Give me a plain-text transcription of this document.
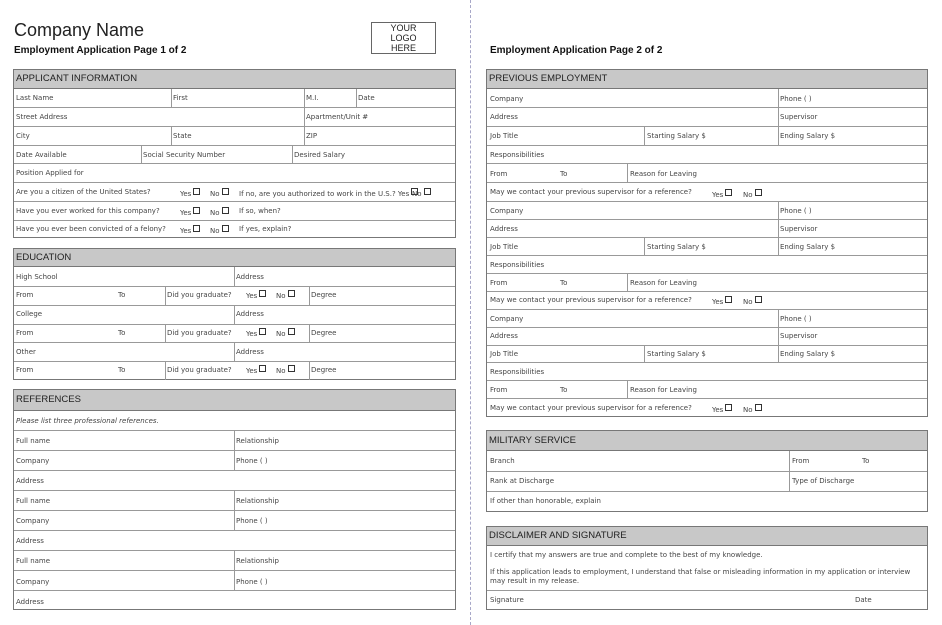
Company Name
Employment Application Page 1 of 2
YOUR LOGO HERE	Employment Application Page 2 of 2
APPLICANT INFORMATION
Last Name	First	M.I.	Date
Street Address	Apartment/Unit #
City	State	ZIP
Date Available	Social Security Number	Desired Salary
Position Applied for
Are you a citizen of the United States?	Yes	No	If no, are you authorized to work in the U.S.? Yes No
Have you ever worked for this company?	Yes	No	If so, when?
Have you ever been convicted of a felony? Yes	No	If yes, explain?
EDUCATION
High School	Address
From	To	Did you graduate? Yes	No	Degree
College	Address
From	To	Did you graduate? Yes	No	Degree
Other	Address
From	To	Did you graduate? Yes	No	Degree
REFERENCES
Please list three professional references.
Full name	Relationship
Company	Phone ( )
Address
Full name	Relationship
Company	Phone ( )
Address
Full name	Relationship
Company	Phone ( )
Address
PREVIOUS EMPLOYMENT
Company	Phone ( )
Address	Supervisor
Job Title	Starting Salary $	Ending Salary $
Responsibilities
From	To	Reason for Leaving
May we contact your previous supervisor for a reference?	Yes	No
Company	Phone ( )
Address	Supervisor
Job Title	Starting Salary $	Ending Salary $
Responsibilities
From	To	Reason for Leaving
May we contact your previous supervisor for a reference?	Yes	No
Company	Phone ( )
Address	Supervisor
Job Title	Starting Salary $	Ending Salary $
Responsibilities
From	To	Reason for Leaving
May we contact your previous supervisor for a reference?	Yes	No
MILITARY SERVICE
Branch	From	To
Rank at Discharge	Type of Discharge
If other than honorable, explain
DISCLAIMER AND SIGNATURE
I certify that my answers are true and complete to the best of my knowledge.
If this application leads to employment, I understand that false or misleading information in my application or interview
may result in my release.
Signature	Date
